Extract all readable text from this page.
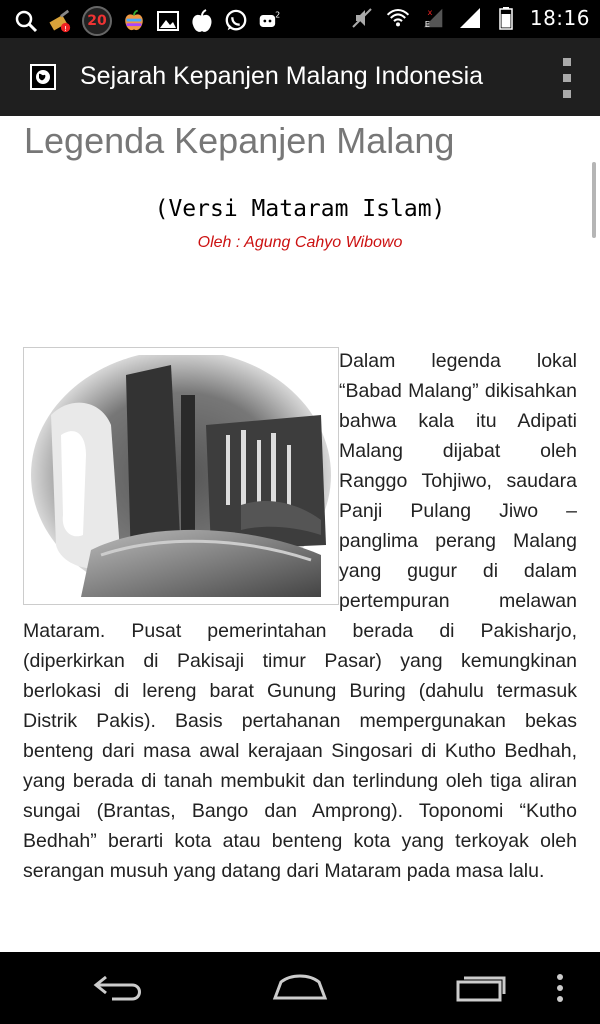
!	20	2	x
E	18:16
Sejarah Kepanjen Malang Indonesia
Legenda Kepanjen Malang
(Versi Mataram Islam)
Oleh : Agung Cahyo Wibowo

Dalam legenda lokal “Babad Malang” dikisahkan bahwa kala itu Adipati Malang dijabat oleh Ranggo Tohjiwo, saudara Panji Pulang Jiwo – panglima perang Malang yang gugur di dalam pertempuran melawan Mataram. Pusat pemerintahan berada di Pakisharjo, (diperkirkan di Pakisaji timur Pasar) yang kemungkinan berlokasi di lereng barat Gunung Buring (dahulu termasuk Distrik Pakis). Basis pertahanan mempergunakan bekas benteng dari masa awal kerajaan Singosari di Kutho Bedhah, yang berada di tanah membukit dan terlindung oleh tiga aliran sungai (Brantas, Bango dan Amprong). Toponomi “Kutho Bedhah” berarti kota atau benteng kota yang terkoyak oleh serangan musuh yang datang dari Mataram pada masa lalu.
